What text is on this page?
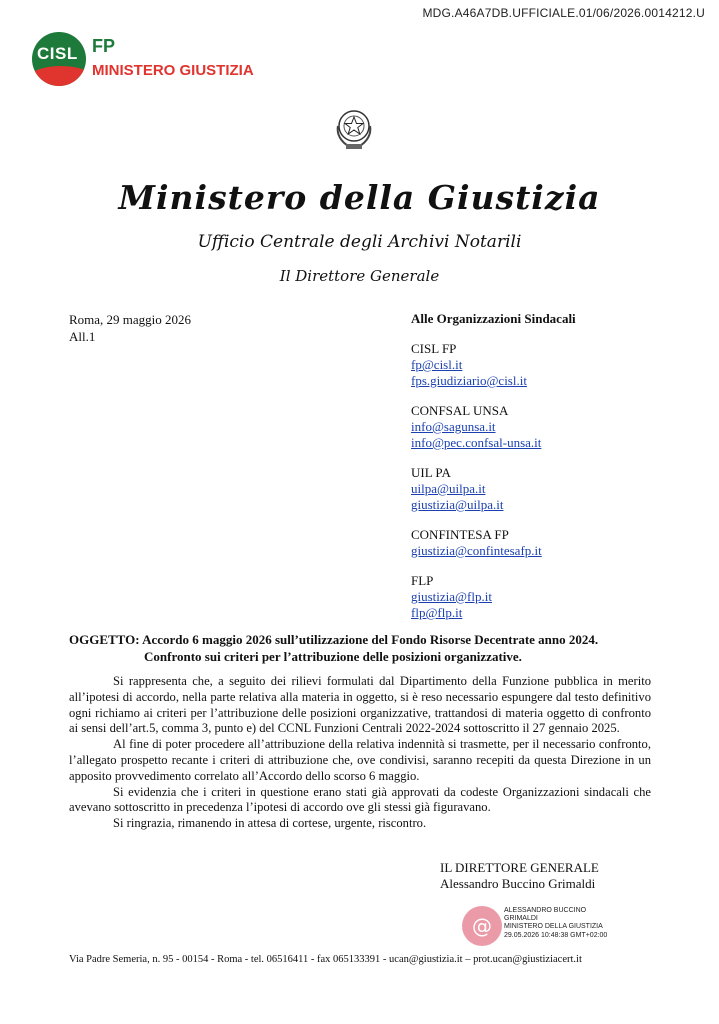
MDG.A46A7DB.UFFICIALE.01/06/2026.0014212.U
CISL FP
MINISTERO GIUSTIZIA
Ministero della Giustizia
Ufficio Centrale degli Archivi Notarili
Il Direttore Generale
Roma, 29 maggio 2026
All.1
Alle Organizzazioni Sindacali
CISL FP
fp@cisl.it
fps.giudiziario@cisl.it
CONFSAL UNSA
info@sagunsa.it
info@pec.confsal-unsa.it
UIL PA
uilpa@uilpa.it
giustizia@uilpa.it
CONFINTESA FP
giustizia@confintesafp.it
FLP
giustizia@flp.it
flp@flp.it
OGGETTO: Accordo 6 maggio 2026 sull’utilizzazione del Fondo Risorse Decentrate anno 2024.
Confronto sui criteri per l’attribuzione delle posizioni organizzative.

Si rappresenta che, a seguito dei rilievi formulati dal Dipartimento della Funzione pubblica in merito all’ipotesi di accordo, nella parte relativa alla materia in oggetto, si è reso necessario espungere dal testo definitivo ogni richiamo ai criteri per l’attribuzione delle posizioni organizzative, trattandosi di materia oggetto di confronto ai sensi dell’art.5, comma 3, punto e) del CCNL Funzioni Centrali 2022-2024 sottoscritto il 27 gennaio 2025.

Al fine di poter procedere all’attribuzione della relativa indennità si trasmette, per il necessario confronto, l’allegato prospetto recante i criteri di attribuzione che, ove condivisi, saranno recepiti da questa Direzione in un apposito provvedimento correlato all’Accordo dello scorso 6 maggio.

Si evidenzia che i criteri in questione erano stati già approvati da codeste Organizzazioni sindacali che avevano sottoscritto in precedenza l’ipotesi di accordo ove gli stessi già figuravano.

Si ringrazia, rimanendo in attesa di cortese, urgente, riscontro.

IL DIRETTORE GENERALE
Alessandro Buccino Grimaldi
@
ALESSANDRO BUCCINO
GRIMALDI
MINISTERO DELLA GIUSTIZIA
29.05.2026 10:48:38 GMT+02:00
Via Padre Semeria, n. 95 - 00154 - Roma - tel. 06516411 - fax 065133391 - ucan@giustizia.it – prot.ucan@giustiziacert.it
